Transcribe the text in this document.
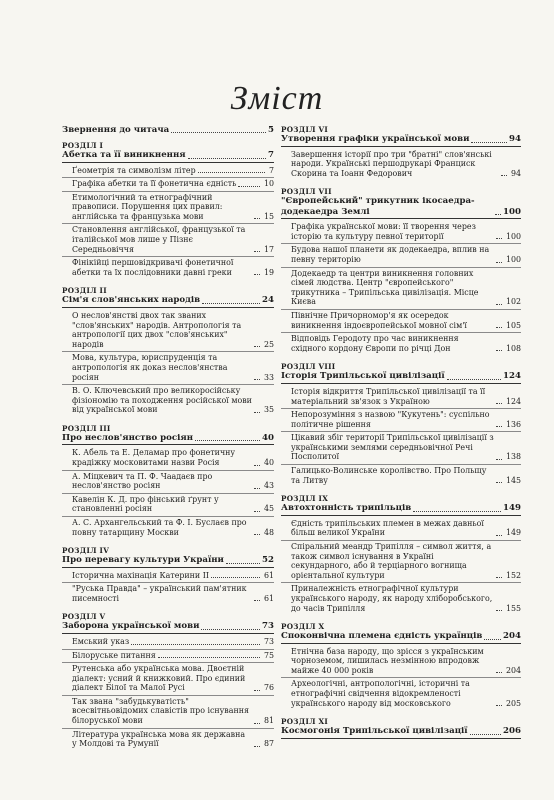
Зміст
Звернення до читача	5
РОЗДІЛ І
Абетка та її виникнення	7
Ґеометрія та символізм літер	7
Графіка абетки та її фонетична єдність	10
Етимологічний та етнографічний правописи. Порушення цих правил: англійська та французька мови	15
Становлення англійської, французької та італійської мов лише у Пізнє Середньовіччя	17
Фінікійці першовідкривачі фонетичної абетки та їх послідовники давні греки	19
РОЗДІЛ ІІ
Сім'я слов'янських народів	24
О неслов'янстві двох так званих "слов'янських" народів. Антропологія та антропології цих двох "слов'янських" народів	25
Мова, культура, юриспруденція та антропологія як доказ неслов'янства росіян	33
В. О. Ключевський про великоросійську фізіономію та походження російської мови від української мови	35
РОЗДІЛ ІІІ
Про неслов'янство росіян	40
К. Абель та Е. Деламар про фонетичну крадіжку московитами назви Росія	40
А. Міцкевич та П. Ф. Чаадаєв про неслов'янство росіян	43
Кавелін К. Д. про фінський ґрунт у становленні росіян	45
А. С. Архангельський та Ф. І. Буслаєв про повну татарщину Москви	48
РОЗДІЛ IV
Про перевагу культури України	52
Історична махінація Катерини II	61
"Руська Правда" – український пам'ятник писемності	61
РОЗДІЛ V
Заборона української мови	73
Емський указ	73
Білоруське питання	75
Рутенська або українська мова. Двоєтній діалект: усний й книжковий. Про єдиний діалект Білої та Малої Русі	76
Так звана "забудькуватість" всесвітньовідомих славістів про існування білоруської мови	81
Література українська мова як державна у Молдові та Румунії	87
РОЗДІЛ VI
Утворення графіки української мови	94
Завершення історії про три "братні" слов'янські народи. Українські першодрукарі Франциск Скорина та Іоанн Федорович	94
РОЗДІЛ VII
"Європейський" трикутник ікосаедра-додекаедра Землі	100
Графіка української мови: її творення через історію та культуру певної території	100
Будова нашої планети як додекаедра, вплив на певну територію	100
Додекаедр та центри виникнення головних сімей людства. Центр "європейського" трикутника – Трипільська цивілізація. Місце Києва	102
Північне Причорномор'я як осередок виникнення індоєвропейської мовної сім'ї	105
Відповідь Геродоту про час виникнення східного кордону Європи по річці Дон	108
РОЗДІЛ VIII
Історія Трипільської цивілізації	124
Історія відкриття Трипільської цивілізації та її матеріальний зв'язок з Україною	124
Непорозуміння з назвою "Кукутень": суспільно політичне рішення	136
Цікавий збіг території Трипільської цивілізації з українськими землями середньовічної Речі Посполитої	138
Галицько-Волинське королівство. Про Польщу та Литву	145
РОЗДІЛ IX
Автохтонність трипільців	149
Єдність трипільських племен в межах давньої більш великої України	149
Спіральний меандр Трипілля – символ життя, а також символ існування в Україні секундарного, або й терціарного вогнища орієнтальної культури	152
Приналежність етнографічної культури українського народу, як народу хліборобського, до часів Трипілля	155
РОЗДІЛ X
Споконвічна племена єдність українців 204
Етнічна база народу, що зрісся з українським чорноземом, лишилась незмінною впродовж майже 40 000 років	204
Археологічні, антропологічні, історичні та етнографічні свідчення відокремленості українського народу від московського	205
РОЗДІЛ XI
Космогонія Трипільської цивілізації	206
